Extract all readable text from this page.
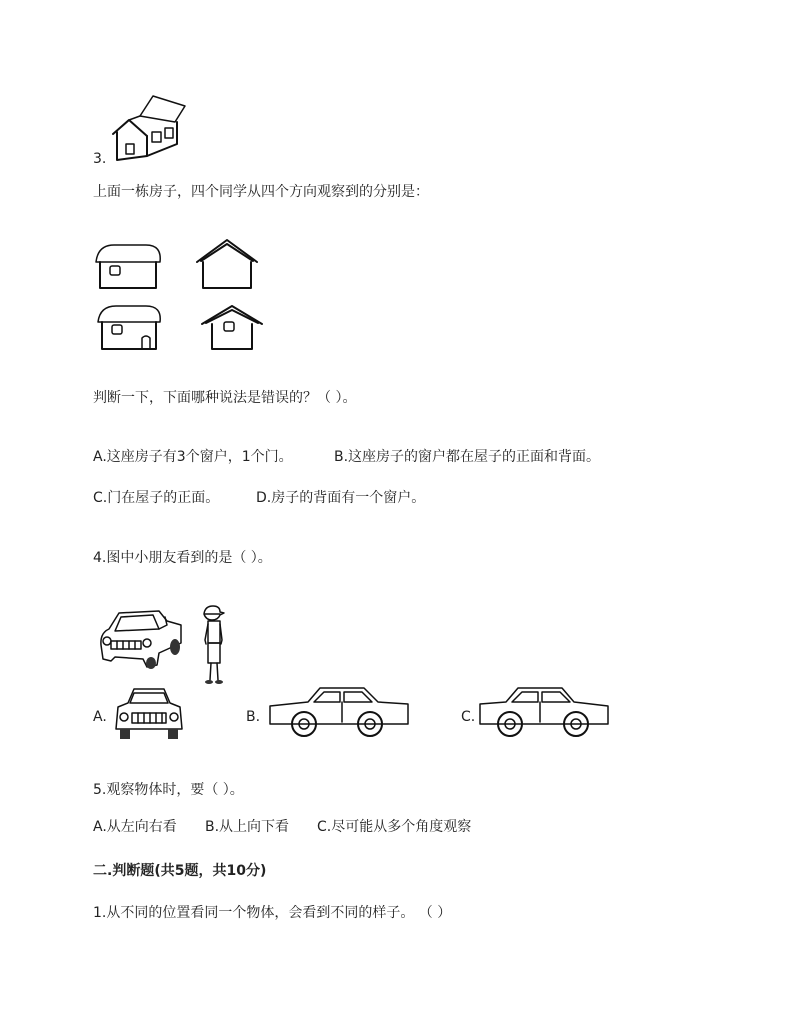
3.
上面一栋房子，四个同学从四个方向观察到的分别是：
判断一下，下面哪种说法是错误的？（ ）。
A.这座房子有3个窗户，1个门。	B.这座房子的窗户都在屋子的正面和背面。
C.门在屋子的正面。	D.房子的背面有一个窗户。
4.图中小朋友看到的是（ ）。
A.	B.	C.
5.观察物体时，要（ ）。
A.从左向右看 B.从上向下看 C.尽可能从多个角度观察
二.判断题(共5题，共10分)
1.从不同的位置看同一个物体，会看到不同的样子。 （ ）
